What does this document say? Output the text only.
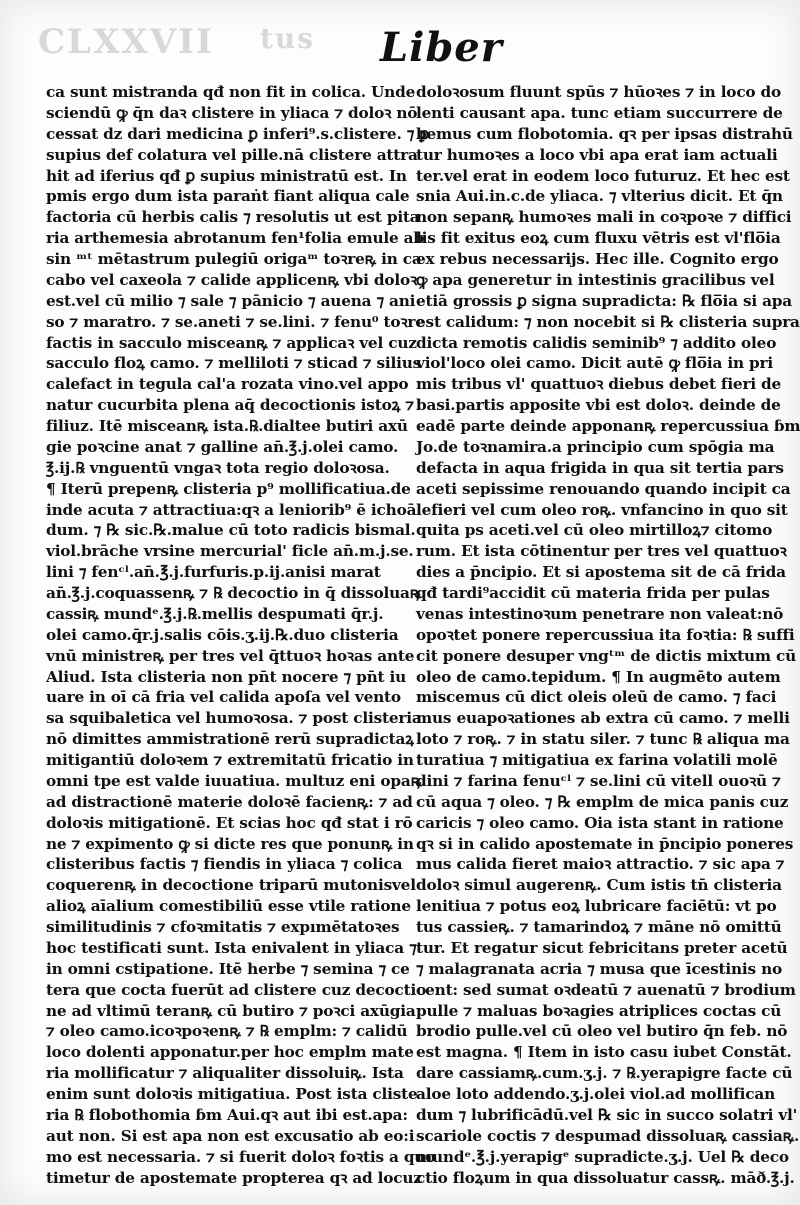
CLXXVII tus Liber
ca sunt mistranda qđ non fit in colica. Unde
sciendū ꝙ q̄n daꝛ clistere in yliaca ⁊ doloꝛ nō
cessat dz dari medicina ꝑ inferi⁹.s.clistere. ⁊ ꝑ
supius def colatura vel pille.nā clistere attra
hit ad iferius qđ ꝑ supius ministratū est. In
pmis ergo dum ista paraṅt fiant aliqua cale
factoria cū herbis calis ⁊ resolutis ut est pita
ria arthemesia abrotanum fen¹folia emule ab
sin ᵐᵗ mētastrum pulegiū origaᵐ toꝛreꝶ in ca
cabo vel caxeola ⁊ calide applicenꝶ vbi doloꝛ
est.vel cū milio ⁊ sale ⁊ pānicio ⁊ auena ⁊ ani
so ⁊ maratro. ⁊ se.aneti ⁊ se.lini. ⁊ fenu⁰ toꝛre
factis in sacculo misceanꝶ ⁊ applicaꝛ vel cuz
sacculo floꝝ camo. ⁊ melliloti ⁊ sticad ⁊ silius
calefact in tegula cal'a rozata vino.vel appo
natur cucurbita plena aq̄ decoctionis istoꝝ ⁊
filiuz. Itē misceanꝶ ista.℞.dialtee butiri axū
gie poꝛcine anat ⁊ galline an̄.℥.j.olei camo.
℥.ij.℞ vnguentū vngaꝛ tota regio doloꝛosa.
¶ Iterū prepenꝶ clisteria p⁹ mollificatiua.de
inde acuta ⁊ attractiua:qꝛ a leniorib⁹ ē ichoā
dum. ⁊ ℞ sic.℞.malue cū toto radicis bismal.
viol.brāche vrsine mercurial' ficle an̄.m.j.se.
lini ⁊ fenᶜˡ.an̄.℥.j.furfuris.p.ij.anisi marat
an̄.℥.j.coquassenꝶ ⁊ ℞ decoctio in q̄ dissoluaꝶ
cassiꝶ mundᵉ.℥.j.℞.mellis despumati q̄r.j.
olei camo.q̄r.j.salis cōis.ʒ.ij.℞.duo clisteria
vnū ministreꝶ per tres vel q̄ttuoꝛ hoꝛas ante
Aliud. Ista clisteria non pn̄t nocere ⁊ pn̄t iu
uare in oī cā fria vel calida apoſa vel vento
sa squibaletica vel humoꝛosa. ⁊ post clisteria
nō dimittes ammistrationē rerū supradictaꝝ
mitigantiū doloꝛem ⁊ extremitatū fricatio in
omni tpe est valde iuuatiua. multuz eni opaꝶ
ad distractionē materie doloꝛē facienꝶ: ⁊ ad
doloꝛis mitigationē. Et scias hoc qđ stat i rō
ne ⁊ expimento ꝙ si dicte res que ponunꝶ in
clisteribus factis ⁊ fiendis in yliaca ⁊ colica
coquerenꝶ in decoctione triparū mutonisvel
alioꝝ aīalium comestibiliū esse vtile ratione
similitudinis ⁊ cfoꝛmitatis ⁊ expımētatoꝛes
hoc testificati sunt. Ista enivalent in yliaca ⁊
in omni cstipatione. Itē herbe ⁊ semina ⁊ ce
tera que cocta fuerūt ad clistere cuz decoctio
ne ad vltimū teranꝶ cū butiro ⁊ poꝛci axūgia
⁊ oleo camo.icoꝛpoꝛenꝶ ⁊ ℞ emplm: ⁊ calidū
loco dolenti apponatur.per hoc emplm mate
ria mollificatur ⁊ aliqualiter dissoluiꝶ. Ista
enim sunt doloꝛis mitigatiua. Post ista cliste
ria ℞ flobothomia ɓm Aui.qꝛ aut ibi est.apa:
aut non. Si est apa non est excusatio ab eo:i
mo est necessaria. ⁊ si fuerit doloꝛ foꝛtis a quo
timetur de apostemate propterea qꝛ ad locuz
doloꝛosum fluunt spūs ⁊ hūoꝛes ⁊ in loco do
lenti causant apa. tunc etiam succurrere de
bemus cum flobotomia. qꝛ per ipsas distrahū
tur humoꝛes a loco vbi apa erat iam actuali
ter.vel erat in eodem loco futuruz. Et hec est
snia Aui.in.c.de yliaca. ⁊ vlterius dicit. Et q̄n
non sepanꝶ humoꝛes mali in coꝛpoꝛe ⁊ diffici
lis fit exitus eoꝝ cum fluxu vētris est vl'flo̅ia
ex rebus necessarijs. Hec ille. Cognito ergo
ꝙ apa generetur in intestinis gracilibus vel
etiā grossis ꝑ signa supradicta: ℞ flo̅ia si apa
est calidum: ⁊ non nocebit si ℞ clisteria supra
dicta remotis calidis seminib⁹ ⁊ addito oleo
viol'loco olei camo. Dicit autē ꝙ flo̅ia in pri
mis tribus vl' quattuoꝛ diebus debet fieri de
basi.partis apposite vbi est doloꝛ. deinde de
eadē parte deinde apponanꝶ repercussiua ɓm
Jo.de toꝛnamira.a principio cum spōgia ma
defacta in aqua frigida in qua sit tertia pars
aceti sepissime renouando quando incipit ca
lefieri vel cum oleo roꝶ. vnfancino in quo sit
quita ps aceti.vel cū oleo mirtilloꝝ⁊ citomo
rum. Et ista cōtinentur per tres vel quattuoꝛ
dies a p̄ncipio. Et si apostema sit de cā frida
qđ tardi⁹accidit cū materia frida per pulas
venas intestinoꝛum penetrare non valeat:nō
opoꝛtet ponere repercussiua ita foꝛtia: ℞ suffi
cit ponere desuper vngᵗᵐ de dictis mixtum cū
oleo de camo.tepidum. ¶ In augmēto autem
miscemus cū dict oleis oleū de camo. ⁊ faci
mus euapoꝛationes ab extra cū camo. ⁊ melli
loto ⁊ roꝶ. ⁊ in statu siler. ⁊ tunc ℞ aliqua ma
turatiua ⁊ mitigatiua ex farina volatili molē
dini ⁊ farina fenuᶜˡ ⁊ se.lini cū vitell ouoꝛū ⁊
cū aqua ⁊ oleo. ⁊ ℞ emplm de mica panis cuz
caricis ⁊ oleo camo. Oia ista stant in ratione
qꝛ si in calido apostemate in p̄ncipio poneres
mus calida fieret maioꝛ attractio. ⁊ sic apa ⁊
doloꝛ simul augerenꝶ. Cum istis tn̄ clisteria
lenitiua ⁊ potus eoꝝ lubricare faciētū: vt po
tus cassieꝶ. ⁊ tamarindoꝝ ⁊ māne nō omittū
tur. Et regatur sicut febricitans preter acetū
⁊ malagranata acria ⁊ musa que īcestinis no
cent: sed sumat oꝛdeatū ⁊ auenatū ⁊ brodium
pulle ⁊ maluas boꝛagies atriplices coctas cū
brodio pulle.vel cū oleo vel butiro q̄n feb. nō
est magna. ¶ Item in isto casu iubet Constāt.
dare cassiamꝶ.cum.ʒ.j. ⁊ ℞.yerapigre facte cū
aloe loto addendo.ʒ.j.olei viol.ad mollifican
dum ⁊ lubrificādū.vel ℞ sic in succo solatri vl'
scariole coctis ⁊ despumad dissoluaꝶ cassiaꝶ.
mundᵉ.℥.j.yerapigᵉ supradicte.ʒ.j. Uel ℞ deco
ctio floꝝum in qua dissoluatur cassꝶ. māð.℥.j.
